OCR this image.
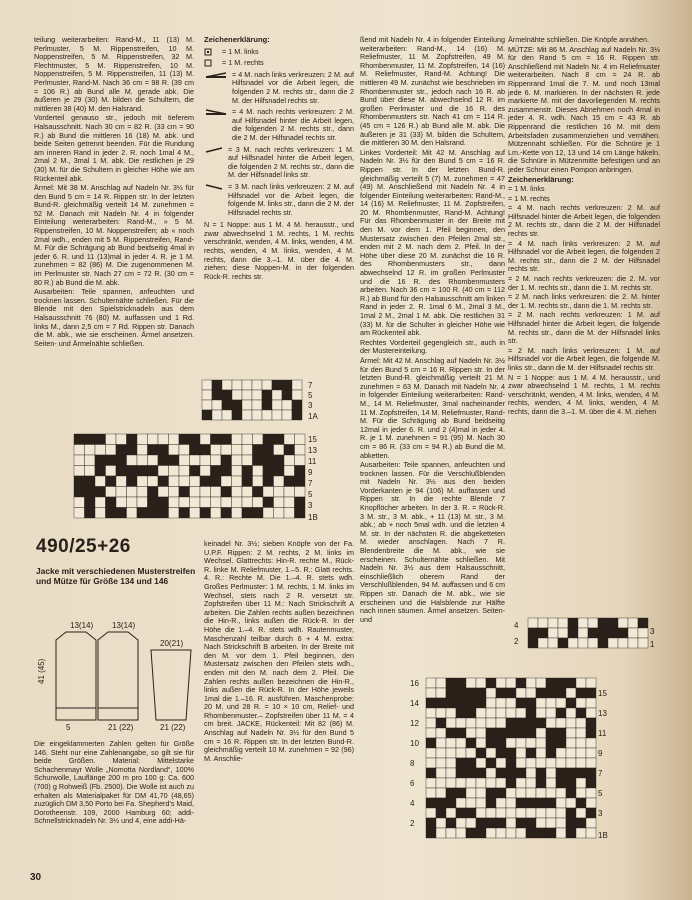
teilung weiterarbeiten: Rand-M., 11 (13) M. Perlmuster, 5 M. Rippenstreifen, 10 M. Noppenstreifen, 5 M. Rippenstreifen, 32 M. Flechtmuster, 5 M. Rippenstreifen, 10 M. Noppenstreifen, 5 M. Rippenstreifen, 11 (13) M. Perlmuster, Rand-M. Nach 36 cm = 98 R. (39 cm = 106 R.) ab Bund alle M. gerade abk. Die äußeren je 29 (30) M. bilden die Schultern, die mittleren 38 (40) M. den Halsrand.

Vorderteil genauso str., jedoch mit tieferem Halsausschnitt. Nach 30 cm = 82 R. (33 cm = 90 R.) ab Bund die mittleren 16 (18) M. abk. und beide Seiten getrennt beenden. Für die Rundung am inneren Rand in jeder 2. R. noch 1mal 4 M., 2mal 2 M., 3mal 1 M. abk. Die restlichen je 29 (30) M. für die Schultern in gleicher Höhe wie am Rückenteil abk.

Ärmel: Mit 38 M. Anschlag auf Nadeln Nr. 3½ für den Bund 5 cm = 14 R. Rippen str. In der letzten Bund-R. gleichmäßig verteilt 14 M. zunehmen = 52 M. Danach mit Nadeln Nr. 4 in folgender Einteilung weiterarbeiten: Rand-M., » 5 M. Rippenstreifen, 10 M. Noppenstreifen; ab « noch 2mal wdh., enden mit 5 M. Rippenstreifen, Rand-M. Für die Schrägung ab Bund beidseitig 4mal in jeder 6. R. und 11 (13)mal in jeder 4. R. je 1 M. zunehmen = 82 (86) M. Die zugenommenen M. im Perlmuster str. Nach 27 cm = 72 R. (30 cm = 80 R.) ab Bund die M. abk.

Ausarbeiten: Teile spannen, anfeuchten und trocknen lassen. Schulternähte schließen. Für die Blende mit den Spielstricknadeln aus dem Halsausschnitt 76 (80) M. auffassen und 1 Rd. links M., dann 2,5 cm = 7 Rd. Rippen str. Danach die M. abk., wie sie erscheinen. Ärmel ansetzen. Seiten- und Ärmelnähte schließen.

Zeichenerklärung:

= 1 M. links
= 1 M. rechts
= 4 M. nach links verkreuzen: 2 M. auf Hilfsnadel vor die Arbeit legen, die folgenden 2 M. rechts str., dann die 2 M. der Hilfsnadel rechts str.
= 4 M. nach rechts verkreuzen: 2 M. auf Hilfsnadel hinter die Arbeit legen, die folgenden 2 M. rechts str., dann die 2 M. der Hilfsnadel rechts str.
= 3 M. nach rechts verkreuzen: 1 M. auf Hilfsnadel hinter die Arbeit legen, die folgenden 2 M. rechts str., dann die M. der Hilfsnadel links str.
= 3 M. nach links verkreuzen: 2 M. auf Hilfsnadel vor die Arbeit legen, die folgende M. links str., dann die 2 M. der Hilfsnadel rechts str.

N = 1 Noppe: aus 1 M. 4 M. herausstr., und zwar abwechselnd 1 M. rechts, 1 M. rechts verschränkt, wenden, 4 M. links, wenden, 4 M. rechts, wenden, 4 M. links, wenden, 4 M. rechts, dann die 3.–1. M. über die 4. M. ziehen; diese Noppen-M. in der folgenden Rück-R. rechts str.

7
5
3
1A
15
13
11
9
7
5
3
1B
490/25+26
Jacke mit verschiedenen Musterstreifen und Mütze für Größe 134 und 146
13(14) 13(14)
20(21)
41 (45)
5	21 (22)	21 (22)
Die eingeklammerten Zahlen gelten für Größe 146. Steht nur eine Zahlenangabe, so gilt sie für beide Größen. Material: Mittelstarke Schachenmayr Wolle „Nomotta Nordland“, 100% Schurwolle, Lauflänge 200 m pro 100 g: Ca. 600 (700) g Rohweiß (Fb. 2500). Die Wolle ist auch zu erhalten als Materialpaket für DM 41,70 (48,65) zuzüglich DM 3,50 Porto bei Fa. Shepherd's Maid, Dorotheenstr. 109, 2000 Hamburg 60; addi-Schnellstricknadeln Nr. 3½ und 4, eine addi-Hä-
keinadel Nr. 3½; sieben Knöpfe von der Fa. U.P.F. Rippen: 2 M. rechts, 2 M. links im Wechsel. Glattrechts: Hin-R. rechte M., Rück-R. linke M. Reliefmuster, 1.–5. R.: Glatt rechts. 4. R.: Rechte M. Die 1.–4. R. stets wdh. Großes Perlmuster: 1 M. rechts, 1 M. links im Wechsel, stets nach 2 R. versetzt str. Zopfstreifen über 11 M.: Nach Strickschrift A arbeiten. Die Zahlen rechts außen bezeichnen die Hin-R., links außen die Rück-R. In der Höhe die 1.–4. R. stets wdh. Rautenmuster, Maschenzahl teilbar durch 6 + 4 M. extra: Nach Strickschrift B arbeiten. In der Breite mit den M. vor dem 1. Pfeil beginnen, den Mustersatz zwischen den Pfeilen stets wdh., enden mit den M. nach dem 2. Pfeil. Die Zahlen rechts außen bezeichnen die Hin-R., links außen die Rück-R. In der Höhe jeweils 1mal die 1.–16. R. ausführen. Maschenprobe: 20 M. und 28 R. = 10 × 10 cm, Relief- und Rhombenmuster.– Zopfstreifen über 11 M. = 4 cm breit. JACKE, Rückenteil: Mit 82 (86) M. Anschlag auf Nadeln Nr. 3½ für den Bund 5 cm = 16 R. Rippen str. In der letzten Bund-R. gleichmäßig verteilt 10 M. zunehmen = 92 (96) M. Anschlie-

ßend mit Nadeln Nr. 4 in folgender Einteilung weiterarbeiten: Rand-M., 14 (16) M. Reliefmuster, 11 M. Zopfstreifen, 49 M. Rhombenmuster, 11 M. Zopfstreifen, 14 (16) M. Reliefmuster, Rand-M. Achtung! Die mittleren 49 M. zunächst wie beschrieben im Rhombenmuster str., jedoch nach 16 R. ab Bund über diese M. abwechselnd 12 R. im großen Perlmuster und die 16 R. des Rhombenmusters str. Nach 41 cm = 114 R. (45 cm = 126 R.) ab Bund alle M. abk. Die äußeren je 31 (33) M. bilden die Schultern, die mittleren 30 M. den Halsrand.

Linkes Vorderteil: Mit 42 M. Anschlag auf Nadeln Nr. 3½ für den Bund 5 cm = 16 R. Rippen str. In der letzten Bund-R. gleichmäßig verteilt 5 (7) M. zunehmen = 47 (49) M. Anschließend mit Nadeln Nr. 4 in folgender Einteilung weiterarbeiten: Rand-M., 14 (16) M. Reliefmuster, 11 M. Zopfstreifen, 20 M. Rhombenmuster, Rand-M. Achtung! Für das Rhombenmuster in der Breite mit den M. vor dem 1. Pfeil beginnen, den Mustersatz zwischen den Pfeilen 2mal str., enden mit 2 M. nach dem 2. Pfeil. In der Höhe über diese 20 M. zunächst die 16 R. des Rhombenmusters str., dann abwechselnd 12 R. im großen Perlmuster und die 16 R. des Rhombenmusters arbeiten. Nach 36 cm = 100 R. (40 cm = 112 R.) ab Bund für den Halsausschnitt am linken Rand in jeder 2. R. 1mal 6 M., 2mal 3 M., 1mal 2 M., 2mal 1 M. abk. Die restlichen 31 (33) M. für die Schulter in gleicher Höhe wie am Rückenteil abk.

Rechtes Vorderteil gegengleich str., auch in der Mustereinteilung.

Ärmel: Mit 42 M. Anschlag auf Nadeln Nr. 3½ für den Bund 5 cm = 16 R. Rippen str. In der letzten Bund-R. gleichmäßig verteilt 21 M. zunehmen = 63 M. Danach mit Nadeln Nr. 4 in folgender Einteilung weiterarbeiten: Rand-M., 14 M. Reliefmuster, 3mal nacheinander 11 M. Zopfstreifen, 14 M. Reliefmuster, Rand-M. Für die Schrägung ab Bund beidseitig 12mal in jeder 6. R. und 2 (4)mal in jeder 4. R. je 1 M. zunehmen = 91 (95) M. Nach 30 cm = 86 R. (33 cm = 94 R.) ab Bund die M. abketten.

Ausarbeiten: Teile spannen, anfeuchten und trocknen lassen. Für die Verschlußblenden mit Nadeln Nr. 3½ aus den beiden Vorderkanten je 94 (106) M. auffassen und Rippen str. In die rechte Blende 7 Knopflöcher arbeiten. In der 3. R. = Rück-R. 3 M. str., 3 M. abk., + 11 (13) M. str., 3 M. abk.; ab + noch 5mal wdh. und die letzten 4 M. str. In der nächsten R. die abgeketteten M. wieder anschlagen. Nach 7 R. Blendenbreite die M. abk., wie sie erscheinen. Schulternähte schließen. Mit Nadeln Nr. 3½ aus dem Halsausschnitt, einschließlich oberem Rand der Verschlußblenden, 94 M. auffassen und 6 cm Rippen str. Danach die M. abk., wie sie erscheinen und die Halsblende zur Hälfte nach innen säumen. Ärmel ansetzen. Seiten- und

Ärmelnähte schließen. Die Knöpfe annähen.

MÜTZE: Mit 86 M. Anschlag auf Nadeln Nr. 3½ für den Rand 5 cm = 16 R. Rippen str. Anschließend mit Nadeln Nr. 4 im Reliefmuster weiterarbeiten. Nach 8 cm = 24 R. ab Rippenrand 1mal die 7. M. und noch 13mal jede 6. M. markieren. In der nächsten R. jede markierte M. mit der davorliegenden M. rechts zusammenstr. Dieses Abnehmen noch 4mal in jeder 4. R. wdh. Nach 15 cm = 43 R. ab Rippenrand die restlichen 16 M. mit dem Arbeitsfaden zusammenziehen und vernähen. Mützennaht schließen. Für die Schnüre je 1 Lm.-Kette von 12, 13 und 14 cm Länge häkeln, die Schnüre in Mützenmitte befestigen und an jeder Schnur einen Pompon anbringen.

Zeichenerklärung:

= 1 M. links

= 1 M. rechts

= 4 M. nach rechts verkreuzen: 2 M. auf Hilfsnadel hinter die Arbeit legen, die folgenden 2 M. rechts str., dann die 2 M. der Hilfsnadel rechts str.

= 4 M. nach links verkreuzen: 2 M. auf Hilfsnadel vor die Arbeit legen, die folgenden 2 M. rechts str., dann die 2 M. der Hilfsnadel rechts str.

= 2 M. nach rechts verkreuzen: die 2. M. vor der 1. M. rechts str., dann die 1. M. rechts str.

= 2 M. nach links verkreuzen: die 2. M. hinter der 1. M. rechts str., dann die 1. M. rechts str.

= 2 M. nach rechts verkreuzen: 1 M. auf Hilfsnadel hinter die Arbeit legen, die folgende M. rechts str., dann die M. der Hilfsnadel links str.

= 2 M. nach links verkreuzen: 1 M. auf Hilfsnadel vor die Arbeit legen, die folgende M. links str., dann die M. der Hilfsnadel rechts str.

N = 1 Noppe: aus 1 M. 4 M. herausstr., und zwar abwechselnd 1 M. rechts, 1 M. rechts verschränkt, wenden, 4 M. links, wenden, 4 M. rechts, wenden, 4 M. links, wenden, 4 M. rechts, dann die 3.–1. M. über die 4. M. ziehen

4
2
3
1
16
14
12
10
8
6
4
2
15
13
11
9
7
5
3
1B
30
